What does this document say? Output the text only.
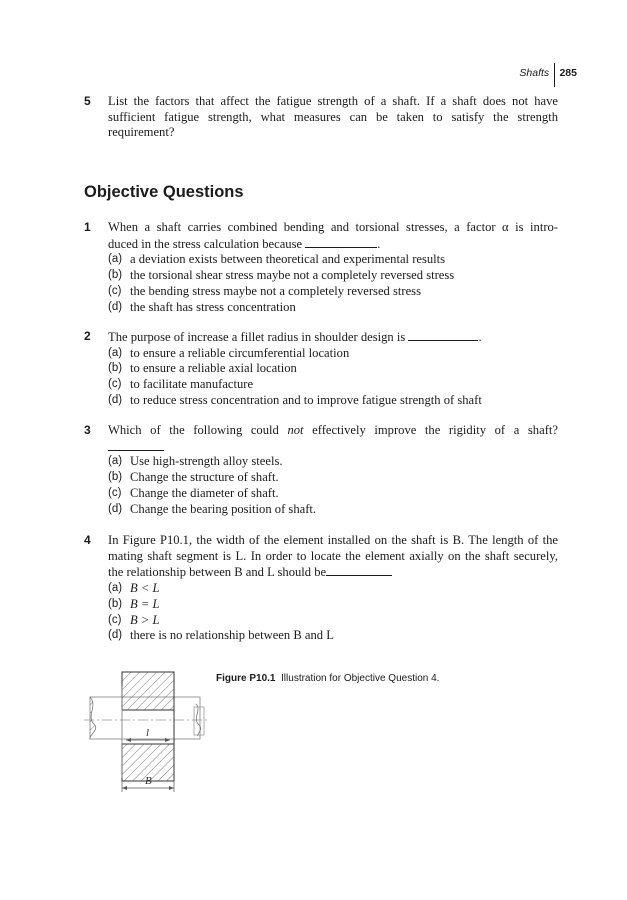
Shafts 285
5 List the factors that affect the fatigue strength of a shaft. If a shaft does not have
sufficient fatigue strength, what measures can be taken to satisfy the strength
requirement?
Objective Questions
1 When a shaft carries combined bending and torsional stresses, a factor α is intro-
duced in the stress calculation because	.
(a) a deviation exists between theoretical and experimental results
(b) the torsional shear stress maybe not a completely reversed stress
(c) the bending stress maybe not a completely reversed stress
(d) the shaft has stress concentration
2 The purpose of increase a fillet radius in shoulder design is	.
(a) to ensure a reliable circumferential location
(b) to ensure a reliable axial location
(c) to facilitate manufacture
(d) to reduce stress concentration and to improve fatigue strength of shaft
3 Which of the following could not effectively improve the rigidity of a shaft?
(a) Use high-strength alloy steels.
(b) Change the structure of shaft.
(c) Change the diameter of shaft.
(d) Change the bearing position of shaft.
4 In Figure P10.1, the width of the element installed on the shaft is B. The length of the
mating shaft segment is L. In order to locate the element axially on the shaft securely,
the relationship between B and L should be
(a) B < L
(b) B = L
(c) B > L
(d) there is no relationship between B and L
Figure P10.1 Illustration for Objective Question 4.
l
B
